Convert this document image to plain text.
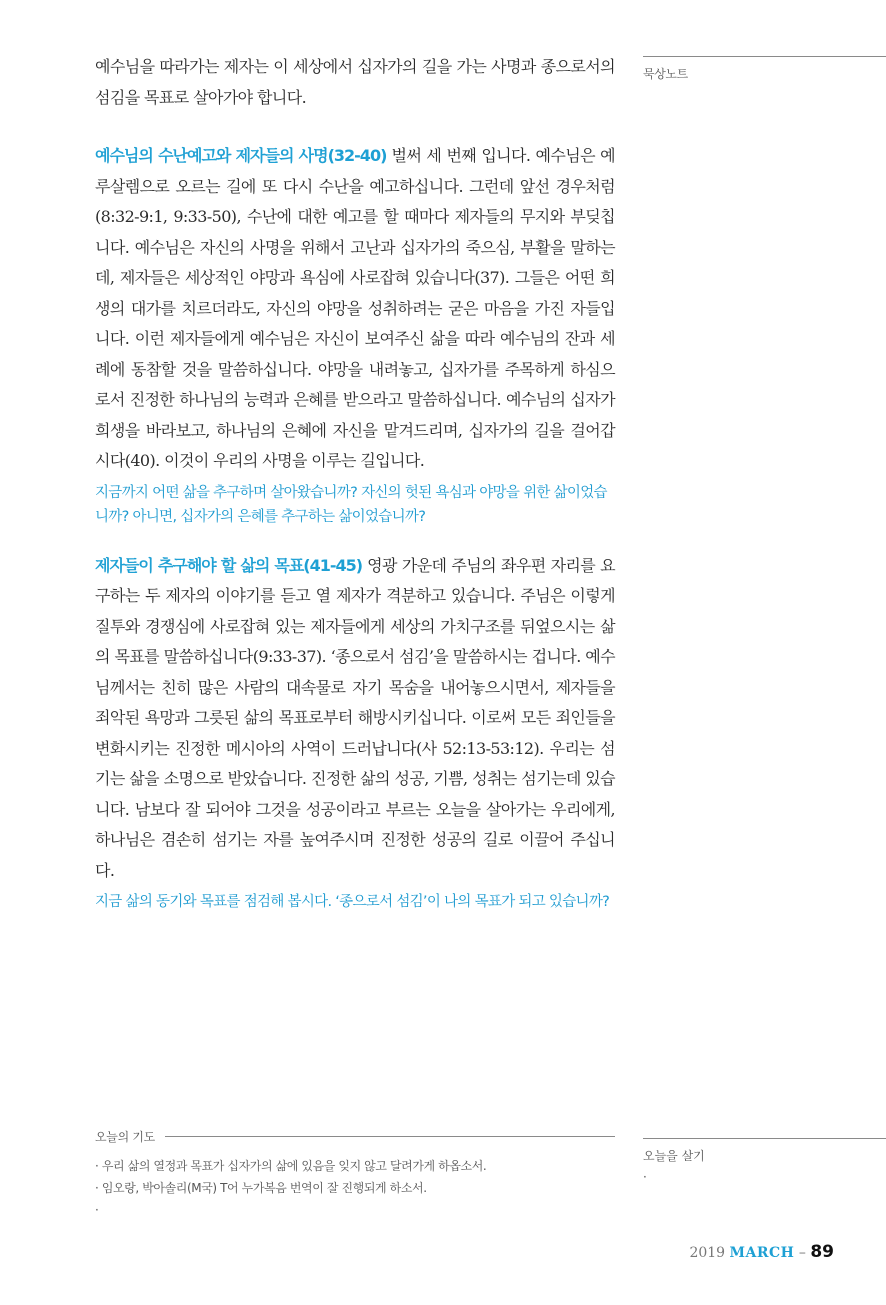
예수님을 따라가는 제자는 이 세상에서 십자가의 길을 가는 사명과 종으로서의 섬김을 목표로 살아가야 합니다.

예수님의 수난예고와 제자들의 사명(32-40) 벌써 세 번째 입니다. 예수님은 예루살렘으로 오르는 길에 또 다시 수난을 예고하십니다. 그런데 앞선 경우처럼(8:32-9:1, 9:33-50), 수난에 대한 예고를 할 때마다 제자들의 무지와 부딪칩니다. 예수님은 자신의 사명을 위해서 고난과 십자가의 죽으심, 부활을 말하는데, 제자들은 세상적인 야망과 욕심에 사로잡혀 있습니다(37). 그들은 어떤 희생의 대가를 치르더라도, 자신의 야망을 성취하려는 굳은 마음을 가진 자들입니다. 이런 제자들에게 예수님은 자신이 보여주신 삶을 따라 예수님의 잔과 세례에 동참할 것을 말씀하십니다. 야망을 내려놓고, 십자가를 주목하게 하심으로서 진정한 하나님의 능력과 은혜를 받으라고 말씀하십니다. 예수님의 십자가 희생을 바라보고, 하나님의 은혜에 자신을 맡겨드리며, 십자가의 길을 걸어갑시다(40). 이것이 우리의 사명을 이루는 길입니다.

지금까지 어떤 삶을 추구하며 살아왔습니까? 자신의 헛된 욕심과 야망을 위한 삶이었습니까? 아니면, 십자가의 은혜를 추구하는 삶이었습니까?

제자들이 추구해야 할 삶의 목표(41-45) 영광 가운데 주님의 좌우편 자리를 요구하는 두 제자의 이야기를 듣고 열 제자가 격분하고 있습니다. 주님은 이렇게 질투와 경쟁심에 사로잡혀 있는 제자들에게 세상의 가치구조를 뒤엎으시는 삶의 목표를 말씀하십니다(9:33-37). ‘종으로서 섬김’을 말씀하시는 겁니다. 예수님께서는 친히 많은 사람의 대속물로 자기 목숨을 내어놓으시면서, 제자들을 죄악된 욕망과 그릇된 삶의 목표로부터 해방시키십니다. 이로써 모든 죄인들을 변화시키는 진정한 메시아의 사역이 드러납니다(사 52:13-53:12). 우리는 섬기는 삶을 소명으로 받았습니다. 진정한 삶의 성공, 기쁨, 성취는 섬기는데 있습니다. 남보다 잘 되어야 그것을 성공이라고 부르는 오늘을 살아가는 우리에게, 하나님은 겸손히 섬기는 자를 높여주시며 진정한 성공의 길로 이끌어 주십니다.

지금 삶의 동기와 목표를 점검해 봅시다. ‘종으로서 섬김’이 나의 목표가 되고 있습니까?

묵상노트
오늘의 기도
· 우리 삶의 열정과 목표가 십자가의 삶에 있음을 잊지 않고 달려가게 하옵소서.
· 임오랑, 박아솔리(M국) T어 누가복음 번역이 잘 진행되게 하소서.
·
오늘을 살기
·
2019 MARCH – 89
